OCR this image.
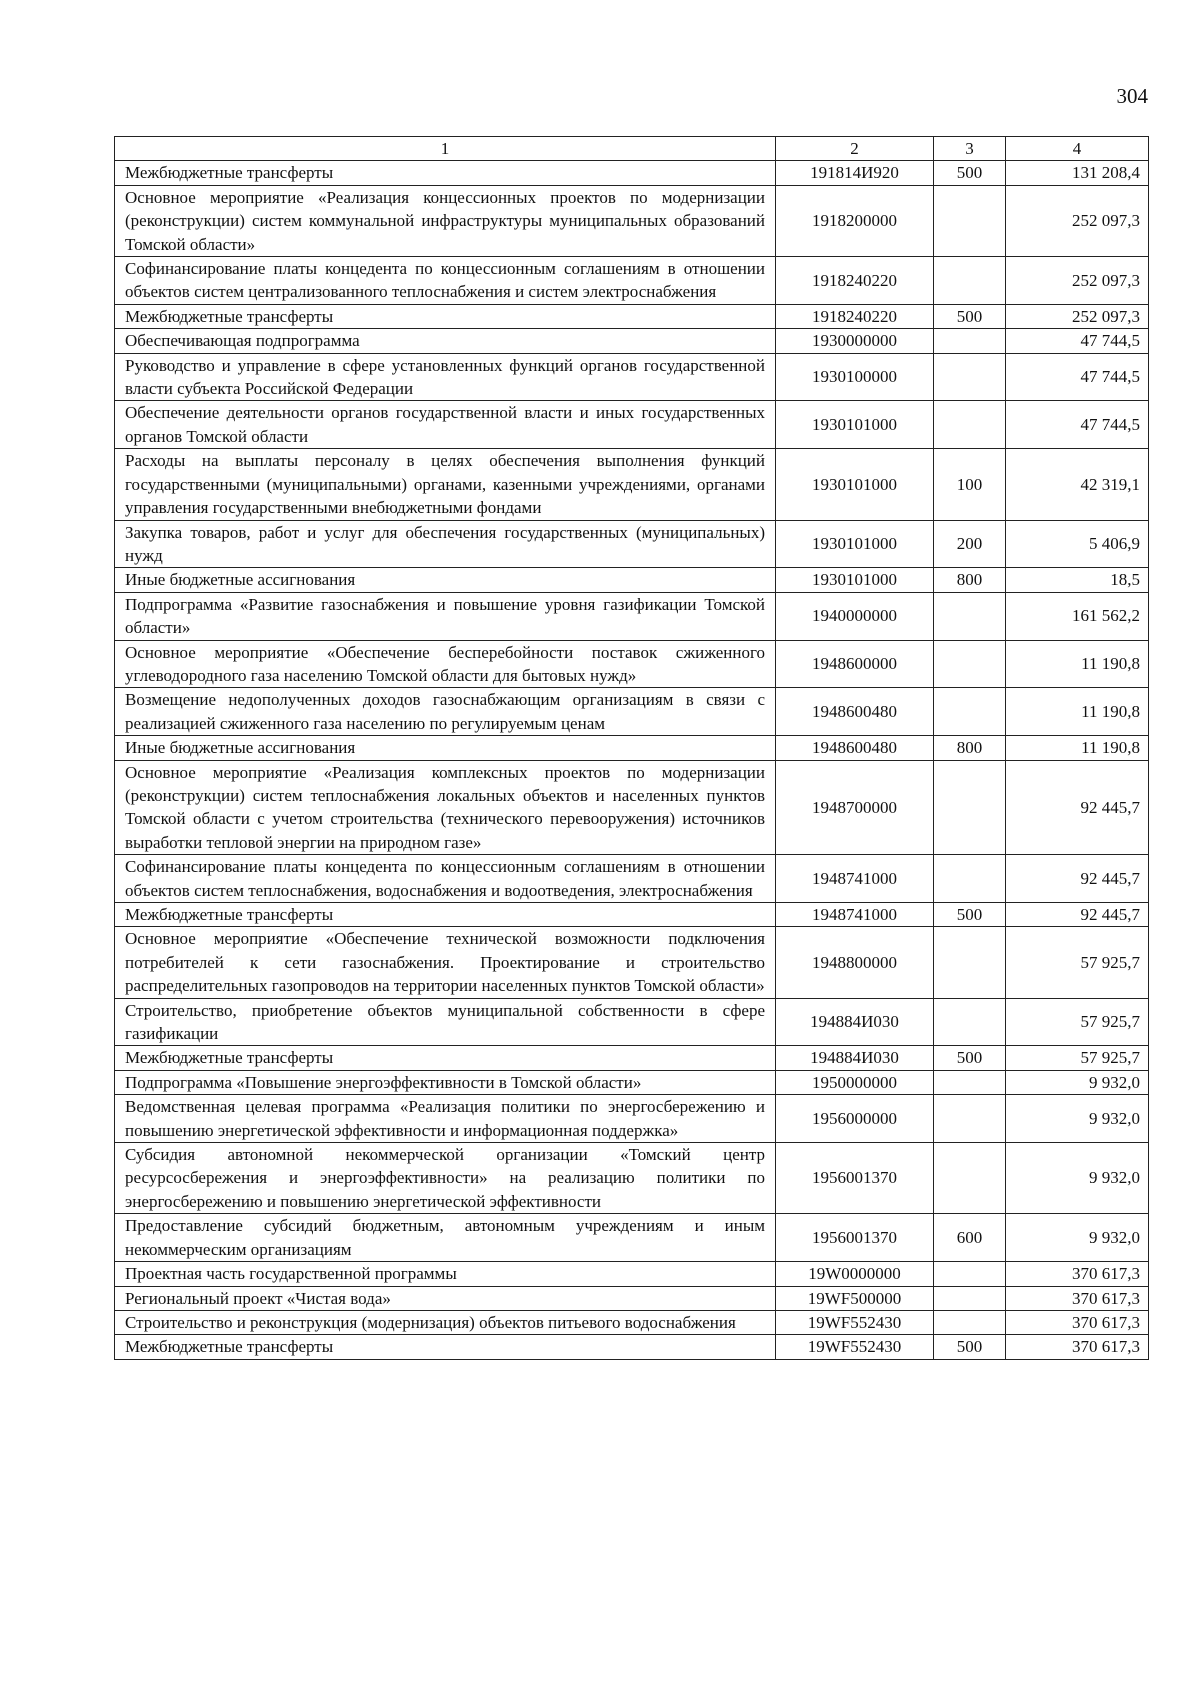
304
1	2	3	4
Межбюджетные трансферты	191814И920	500	131 208,4
Основное мероприятие «Реализация концессионных проектов по модернизации (реконструкции) систем коммунальной инфраструктуры муниципальных образований Томской области»	1918200000		252 097,3
Софинансирование платы концедента по концессионным соглашениям в отношении объектов систем централизованного теплоснабжения и систем электроснабжения	1918240220		252 097,3
Межбюджетные трансферты	1918240220	500	252 097,3
Обеспечивающая подпрограмма	1930000000		47 744,5
Руководство и управление в сфере установленных функций органов государственной власти субъекта Российской Федерации	1930100000		47 744,5
Обеспечение деятельности органов государственной власти и иных государственных органов Томской области	1930101000		47 744,5
Расходы на выплаты персоналу в целях обеспечения выполнения функций государственными (муниципальными) органами, казенными учреждениями, органами управления государственными внебюджетными фондами	1930101000	100	42 319,1
Закупка товаров, работ и услуг для обеспечения государственных (муниципальных) нужд	1930101000	200	5 406,9
Иные бюджетные ассигнования	1930101000	800	18,5
Подпрограмма «Развитие газоснабжения и повышение уровня газификации Томской области»	1940000000		161 562,2
Основное мероприятие «Обеспечение бесперебойности поставок сжиженного углеводородного газа населению Томской области для бытовых нужд»	1948600000		11 190,8
Возмещение недополученных доходов газоснабжающим организациям в связи с реализацией сжиженного газа населению по регулируемым ценам	1948600480		11 190,8
Иные бюджетные ассигнования	1948600480	800	11 190,8
Основное мероприятие «Реализация комплексных проектов по модернизации (реконструкции) систем теплоснабжения локальных объектов и населенных пунктов Томской области с учетом строительства (технического перевооружения) источников выработки тепловой энергии на природном газе»	1948700000		92 445,7
Софинансирование платы концедента по концессионным соглашениям в отношении объектов систем теплоснабжения, водоснабжения и водоотведения, электроснабжения	1948741000		92 445,7
Межбюджетные трансферты	1948741000	500	92 445,7
Основное мероприятие «Обеспечение технической возможности подключения потребителей к сети газоснабжения. Проектирование и строительство распределительных газопроводов на территории населенных пунктов Томской области»	1948800000		57 925,7
Строительство, приобретение объектов муниципальной собственности в сфере газификации	194884И030		57 925,7
Межбюджетные трансферты	194884И030	500	57 925,7
Подпрограмма «Повышение энергоэффективности в Томской области»	1950000000		9 932,0
Ведомственная целевая программа «Реализация политики по энергосбережению и повышению энергетической эффективности и информационная поддержка»	1956000000		9 932,0
Субсидия автономной некоммерческой организации «Томский центр ресурсосбережения и энергоэффективности» на реализацию политики по энергосбережению и повышению энергетической эффективности	1956001370		9 932,0
Предоставление субсидий бюджетным, автономным учреждениям и иным некоммерческим организациям	1956001370	600	9 932,0
Проектная часть государственной программы	19W0000000		370 617,3
Региональный проект «Чистая вода»	19WF500000		370 617,3
Строительство и реконструкция (модернизация) объектов питьевого водоснабжения	19WF552430		370 617,3
Межбюджетные трансферты	19WF552430	500	370 617,3
